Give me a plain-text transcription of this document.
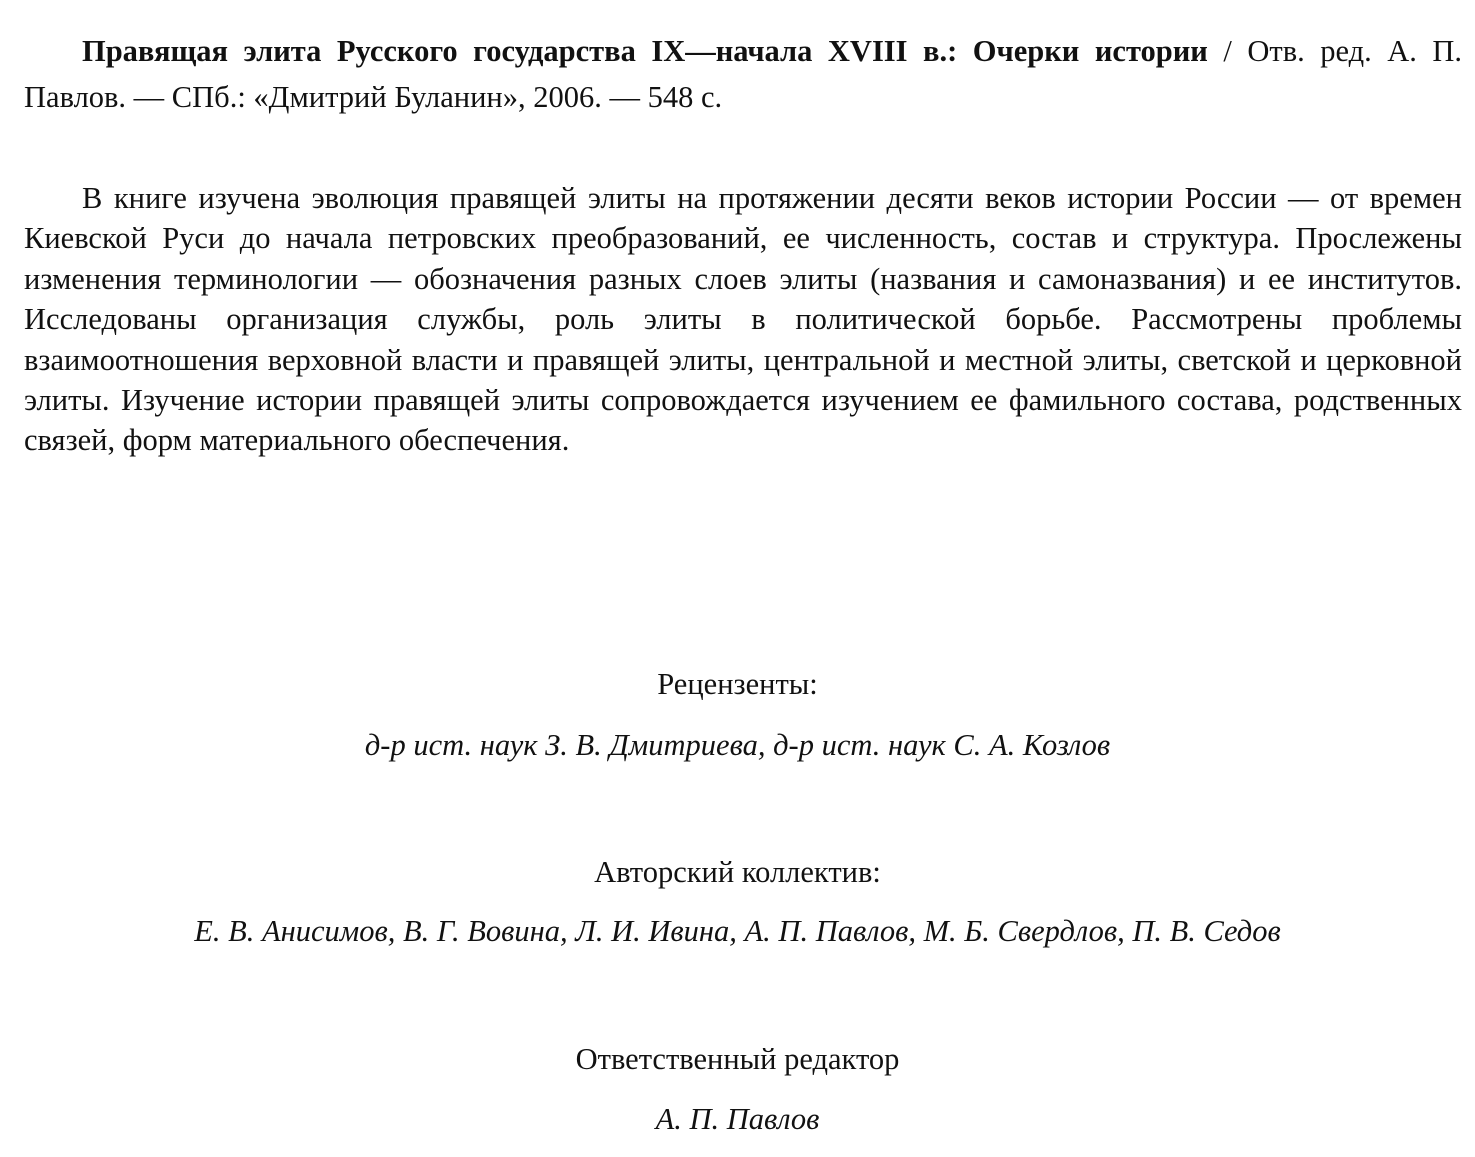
Правящая элита Русского государства IX—начала XVIII в.: Очерки истории / Отв. ред. А. П. Павлов. — СПб.: «Дмитрий Буланин», 2006. — 548 с.

В книге изучена эволюция правящей элиты на протяжении десяти веков истории России — от времен Киевской Руси до начала петровских преобразований, ее численность, состав и структура. Прослежены изменения терминологии — обозначения разных слоев элиты (названия и самоназвания) и ее институтов. Исследованы организация службы, роль элиты в политической борьбе. Рассмотрены проблемы взаимоотношения верховной власти и правящей элиты, центральной и местной элиты, светской и церковной элиты. Изучение истории правящей элиты сопровождается изучением ее фамильного состава, родственных связей, форм материального обеспечения.

Рецензенты:
д-р ист. наук З. В. Дмитриева, д-р ист. наук С. А. Козлов
Авторский коллектив:
Е. В. Анисимов, В. Г. Вовина, Л. И. Ивина, А. П. Павлов, М. Б. Свердлов, П. В. Седов
Ответственный редактор
А. П. Павлов
